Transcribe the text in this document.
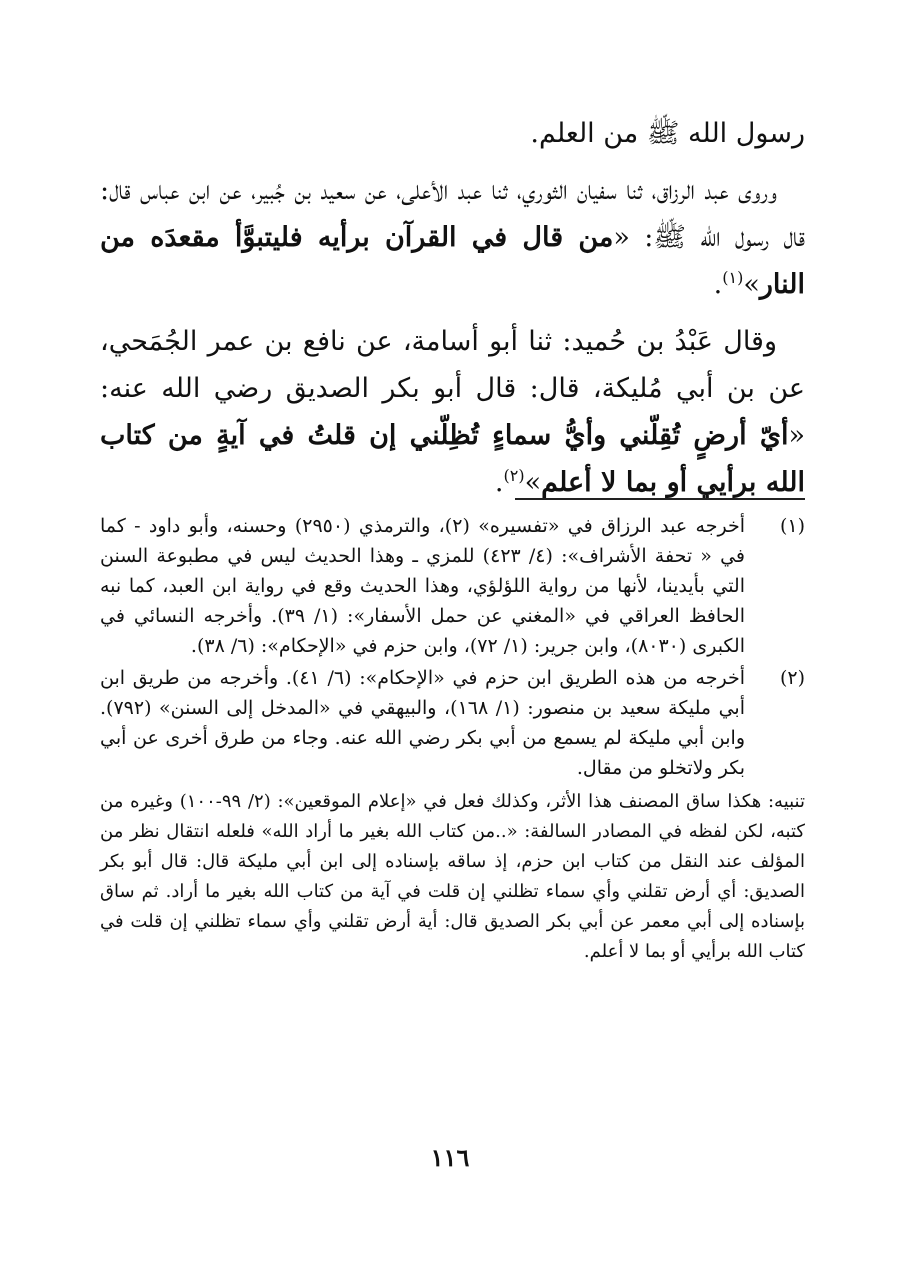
رسول الله ﷺ من العلم.

وروى عبد الرزاق، ثنا سفيان الثوري، ثنا عبد الأعلى، عن سعيد بن جُبير، عن ابن عباس قال: قال رسول الله ﷺ: «من قال في القرآن برأيه فليتبوَّأ مقعدَه من النار»$^{(١)}$.

وقال عَبْدُ بن حُميد: ثنا أبو أسامة، عن نافع بن عمر الجُمَحي، عن بن أبي مُليكة، قال: قال أبو بكر الصديق رضي الله عنه: «أيّ أرضٍ تُقِلّني وأيُّ سماءٍ تُظِلّني إن قلتُ في آيةٍ من كتاب الله برأيي أو بما لا أعلم»$^{(٢)}$.

(١)
أخرجه عبد الرزاق في «تفسيره» (٢)، والترمذي (٢٩٥٠) وحسنه، وأبو داود - كما في « تحفة الأشراف»: (٤/ ٤٢٣) للمزي ـ وهذا الحديث ليس في مطبوعة السنن التي بأيدينا، لأنها من رواية اللؤلؤي، وهذا الحديث وقع في رواية ابن العبد، كما نبه الحافظ العراقي في «المغني عن حمل الأسفار»: (١/ ٣٩). وأخرجه النسائي في الكبرى (٨٠٣٠)، وابن جرير: (١/ ٧٢)، وابن حزم في «الإحكام»: (٦/ ٣٨).
(٢)
أخرجه من هذه الطريق ابن حزم في «الإحكام»: (٦/ ٤١). وأخرجه من طريق ابن أبي مليكة سعيد بن منصور: (١/ ١٦٨)، والبيهقي في «المدخل إلى السنن» (٧٩٢). وابن أبي مليكة لم يسمع من أبي بكر رضي الله عنه. وجاء من طرق أخرى عن أبي بكر ولاتخلو من مقال.
تنبيه: هكذا ساق المصنف هذا الأثر، وكذلك فعل في «إعلام الموقعين»: (٢/ ٩٩-١٠٠) وغيره من كتبه، لكن لفظه في المصادر السالفة: «..من كتاب الله بغير ما أراد الله» فلعله انتقال نظر من المؤلف عند النقل من كتاب ابن حزم، إذ ساقه بإسناده إلى ابن أبي مليكة قال: قال أبو بكر الصديق: أي أرض تقلني وأي سماء تظلني إن قلت في آية من كتاب الله بغير ما أراد. ثم ساق بإسناده إلى أبي معمر عن أبي بكر الصديق قال: أية أرض تقلني وأي سماء تظلني إن قلت في كتاب الله برأيي أو بما لا أعلم.
١١٦
